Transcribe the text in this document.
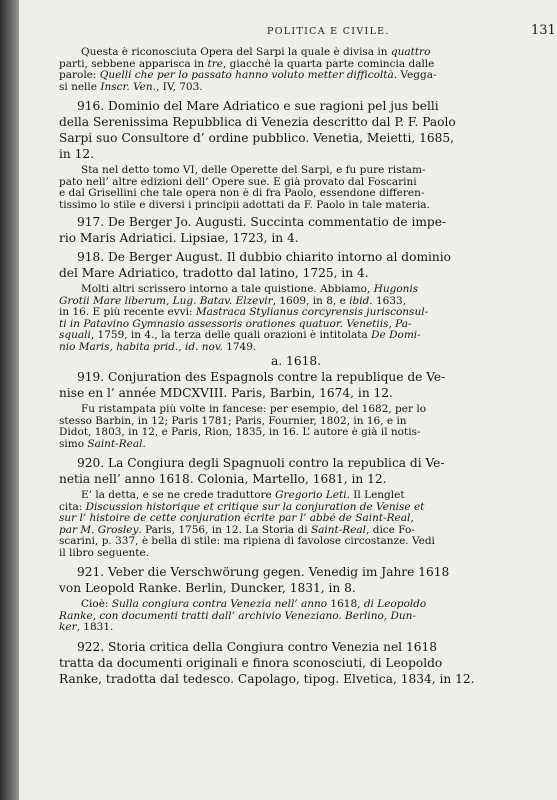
POLITICA E CIVILE.	131
Questa è riconosciuta Opera del Sarpi la quale è divisa in quattro
parti, sebbene apparisca in tre, giacchè la quarta parte comincia dalle
parole: Quelli che per lo passato hanno voluto metter difficoltà. Vegga-
si nelle Inscr. Ven., IV, 703.
916. Dominio del Mare Adriatico e sue ragioni pel jus belli
della Serenissima Repubblica di Venezia descritto dal P. F. Paolo
Sarpi suo Consultore d’ ordine pubblico. Venetia, Meietti, 1685,
in 12.
Sta nel detto tomo VI, delle Operette del Sarpi, e fu pure ristam-
pato nell’ altre edizioni dell’ Opere sue. È già provato dal Foscarini
e dal Grisellini che tale opera non è di fra Paolo, essendone differen-
tissimo lo stile e diversi i principii adottati da F. Paolo in tale materia.
917. De Berger Jo. Augusti. Succinta commentatio de impe-
rio Maris Adriatici. Lipsiae, 1723, in 4.
918. De Berger August. Il dubbio chiarito intorno al dominio
del Mare Adriatico, tradotto dal latino, 1725, in 4.
Molti altri scrissero intorno a tale quistione. Abbiamo, Hugonis
Grotii Mare liberum, Lug. Batav. Elzevir, 1609, in 8, e ibid. 1633,
in 16. E più recente evvi: Mastraca Stylianus corcyrensis jurisconsul-
ti in Patavino Gymnasio assessoris orationes quatuor. Venetiis, Pa-
squali, 1759, in 4., la terza delle quali orazioni è intitolata De Domi-
nio Maris, habita prid., id. nov. 1749.
a. 1618.
919. Conjuration des Espagnols contre la republique de Ve-
nise en l’ année MDCXVIII. Paris, Barbin, 1674, in 12.
Fu ristampata più volte in fancese: per esempio, del 1682, per lo
stesso Barbin, in 12; Paris 1781; Paris, Fournier, 1802, in 16, e in
Didot, 1803, in 12, e Paris, Rion, 1835, in 16. L’ autore è già il notis-
simo Saint-Real.
920. La Congiura degli Spagnuoli contro la republica di Ve-
netia nell’ anno 1618. Colonia, Martello, 1681, in 12.
E’ la detta, e se ne crede traduttore Gregorio Leti. Il Lenglet
cita: Discussion historique et critique sur la conjuration de Venise et
sur l’ histoire de cette conjuration écrite par l’ abbé de Saint-Real,
par M. Grosley. Paris, 1756, in 12. La Storia di Saint-Real, dice Fo-
scarini, p. 337, è bella di stile: ma ripiena di favolose circostanze. Vedi
il libro seguente.
921. Veber die Verschwörung gegen. Venedig im Jahre 1618
von Leopold Ranke. Berlin, Duncker, 1831, in 8.
Cioè: Sulla congiura contra Venezia nell’ anno 1618, di Leopoldo
Ranke, con documenti tratti dall’ archivio Veneziano. Berlino, Dun-
ker, 1831.
922. Storia critica della Congiura contro Venezia nel 1618
tratta da documenti originali e finora sconosciuti, di Leopoldo
Ranke, tradotta dal tedesco. Capolago, tipog. Elvetica, 1834, in 12.
